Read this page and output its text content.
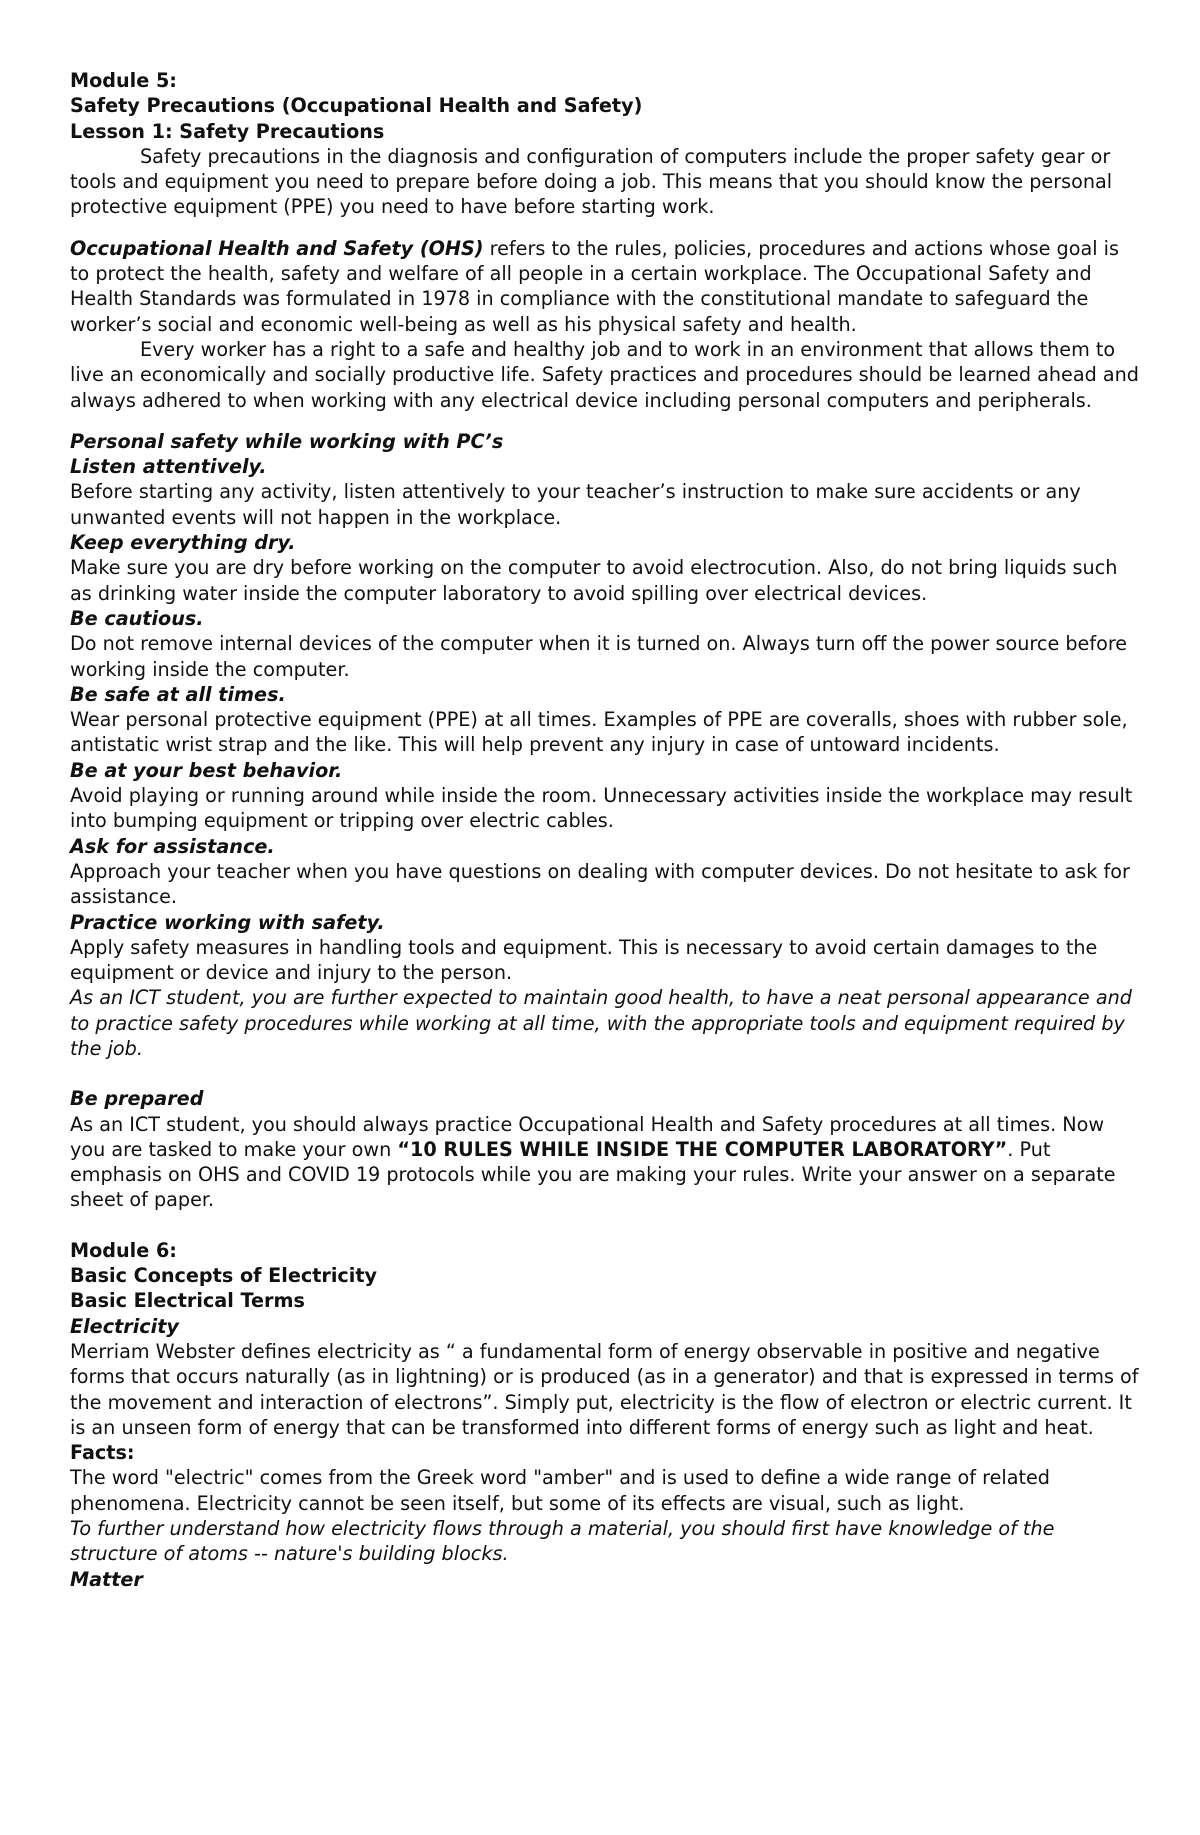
Module 5:

Safety Precautions (Occupational Health and Safety)

Lesson 1: Safety Precautions

Safety precautions in the diagnosis and configuration of computers include the proper safety gear or tools and equipment you need to prepare before doing a job. This means that you should know the personal protective equipment (PPE) you need to have before starting work.

Occupational Health and Safety (OHS) refers to the rules, policies, procedures and actions whose goal is to protect the health, safety and welfare of all people in a certain workplace. The Occupational Safety and Health Standards was formulated in 1978 in compliance with the constitutional mandate to safeguard the worker’s social and economic well-being as well as his physical safety and health.

Every worker has a right to a safe and healthy job and to work in an environment that allows them to live an economically and socially productive life. Safety practices and procedures should be learned ahead and always adhered to when working with any electrical device including personal computers and peripherals.

Personal safety while working with PC’s

Listen attentively.

Before starting any activity, listen attentively to your teacher’s instruction to make sure accidents or any unwanted events will not happen in the workplace.

Keep everything dry.

Make sure you are dry before working on the computer to avoid electrocution. Also, do not bring liquids such as drinking water inside the computer laboratory to avoid spilling over electrical devices.

Be cautious.

Do not remove internal devices of the computer when it is turned on. Always turn off the power source before working inside the computer.

Be safe at all times.

Wear personal protective equipment (PPE) at all times. Examples of PPE are coveralls, shoes with rubber sole, antistatic wrist strap and the like. This will help prevent any injury in case of untoward incidents.

Be at your best behavior.

Avoid playing or running around while inside the room. Unnecessary activities inside the workplace may result into bumping equipment or tripping over electric cables.

Ask for assistance.

Approach your teacher when you have questions on dealing with computer devices. Do not hesitate to ask for assistance.

Practice working with safety.

Apply safety measures in handling tools and equipment. This is necessary to avoid certain damages to the equipment or device and injury to the person.

As an ICT student, you are further expected to maintain good health, to have a neat personal appearance and to practice safety procedures while working at all time, with the appropriate tools and equipment required by the job.

Be prepared

As an ICT student, you should always practice Occupational Health and Safety procedures at all times. Now you are tasked to make your own “10 RULES WHILE INSIDE THE COMPUTER LABORATORY”. Put emphasis on OHS and COVID 19 protocols while you are making your rules. Write your answer on a separate sheet of paper.

Module 6:

Basic Concepts of Electricity

Basic Electrical Terms

Electricity

Merriam Webster defines electricity as “ a fundamental form of energy observable in positive and negative forms that occurs naturally (as in lightning) or is produced (as in a generator) and that is expressed in terms of the movement and interaction of electrons”. Simply put, electricity is the flow of electron or electric current. It is an unseen form of energy that can be transformed into different forms of energy such as light and heat.

Facts:

The word "electric" comes from the Greek word "amber" and is used to define a wide range of related phenomena. Electricity cannot be seen itself, but some of its effects are visual, such as light.

To further understand how electricity flows through a material, you should first have knowledge of the structure of atoms -- nature's building blocks.

Matter
